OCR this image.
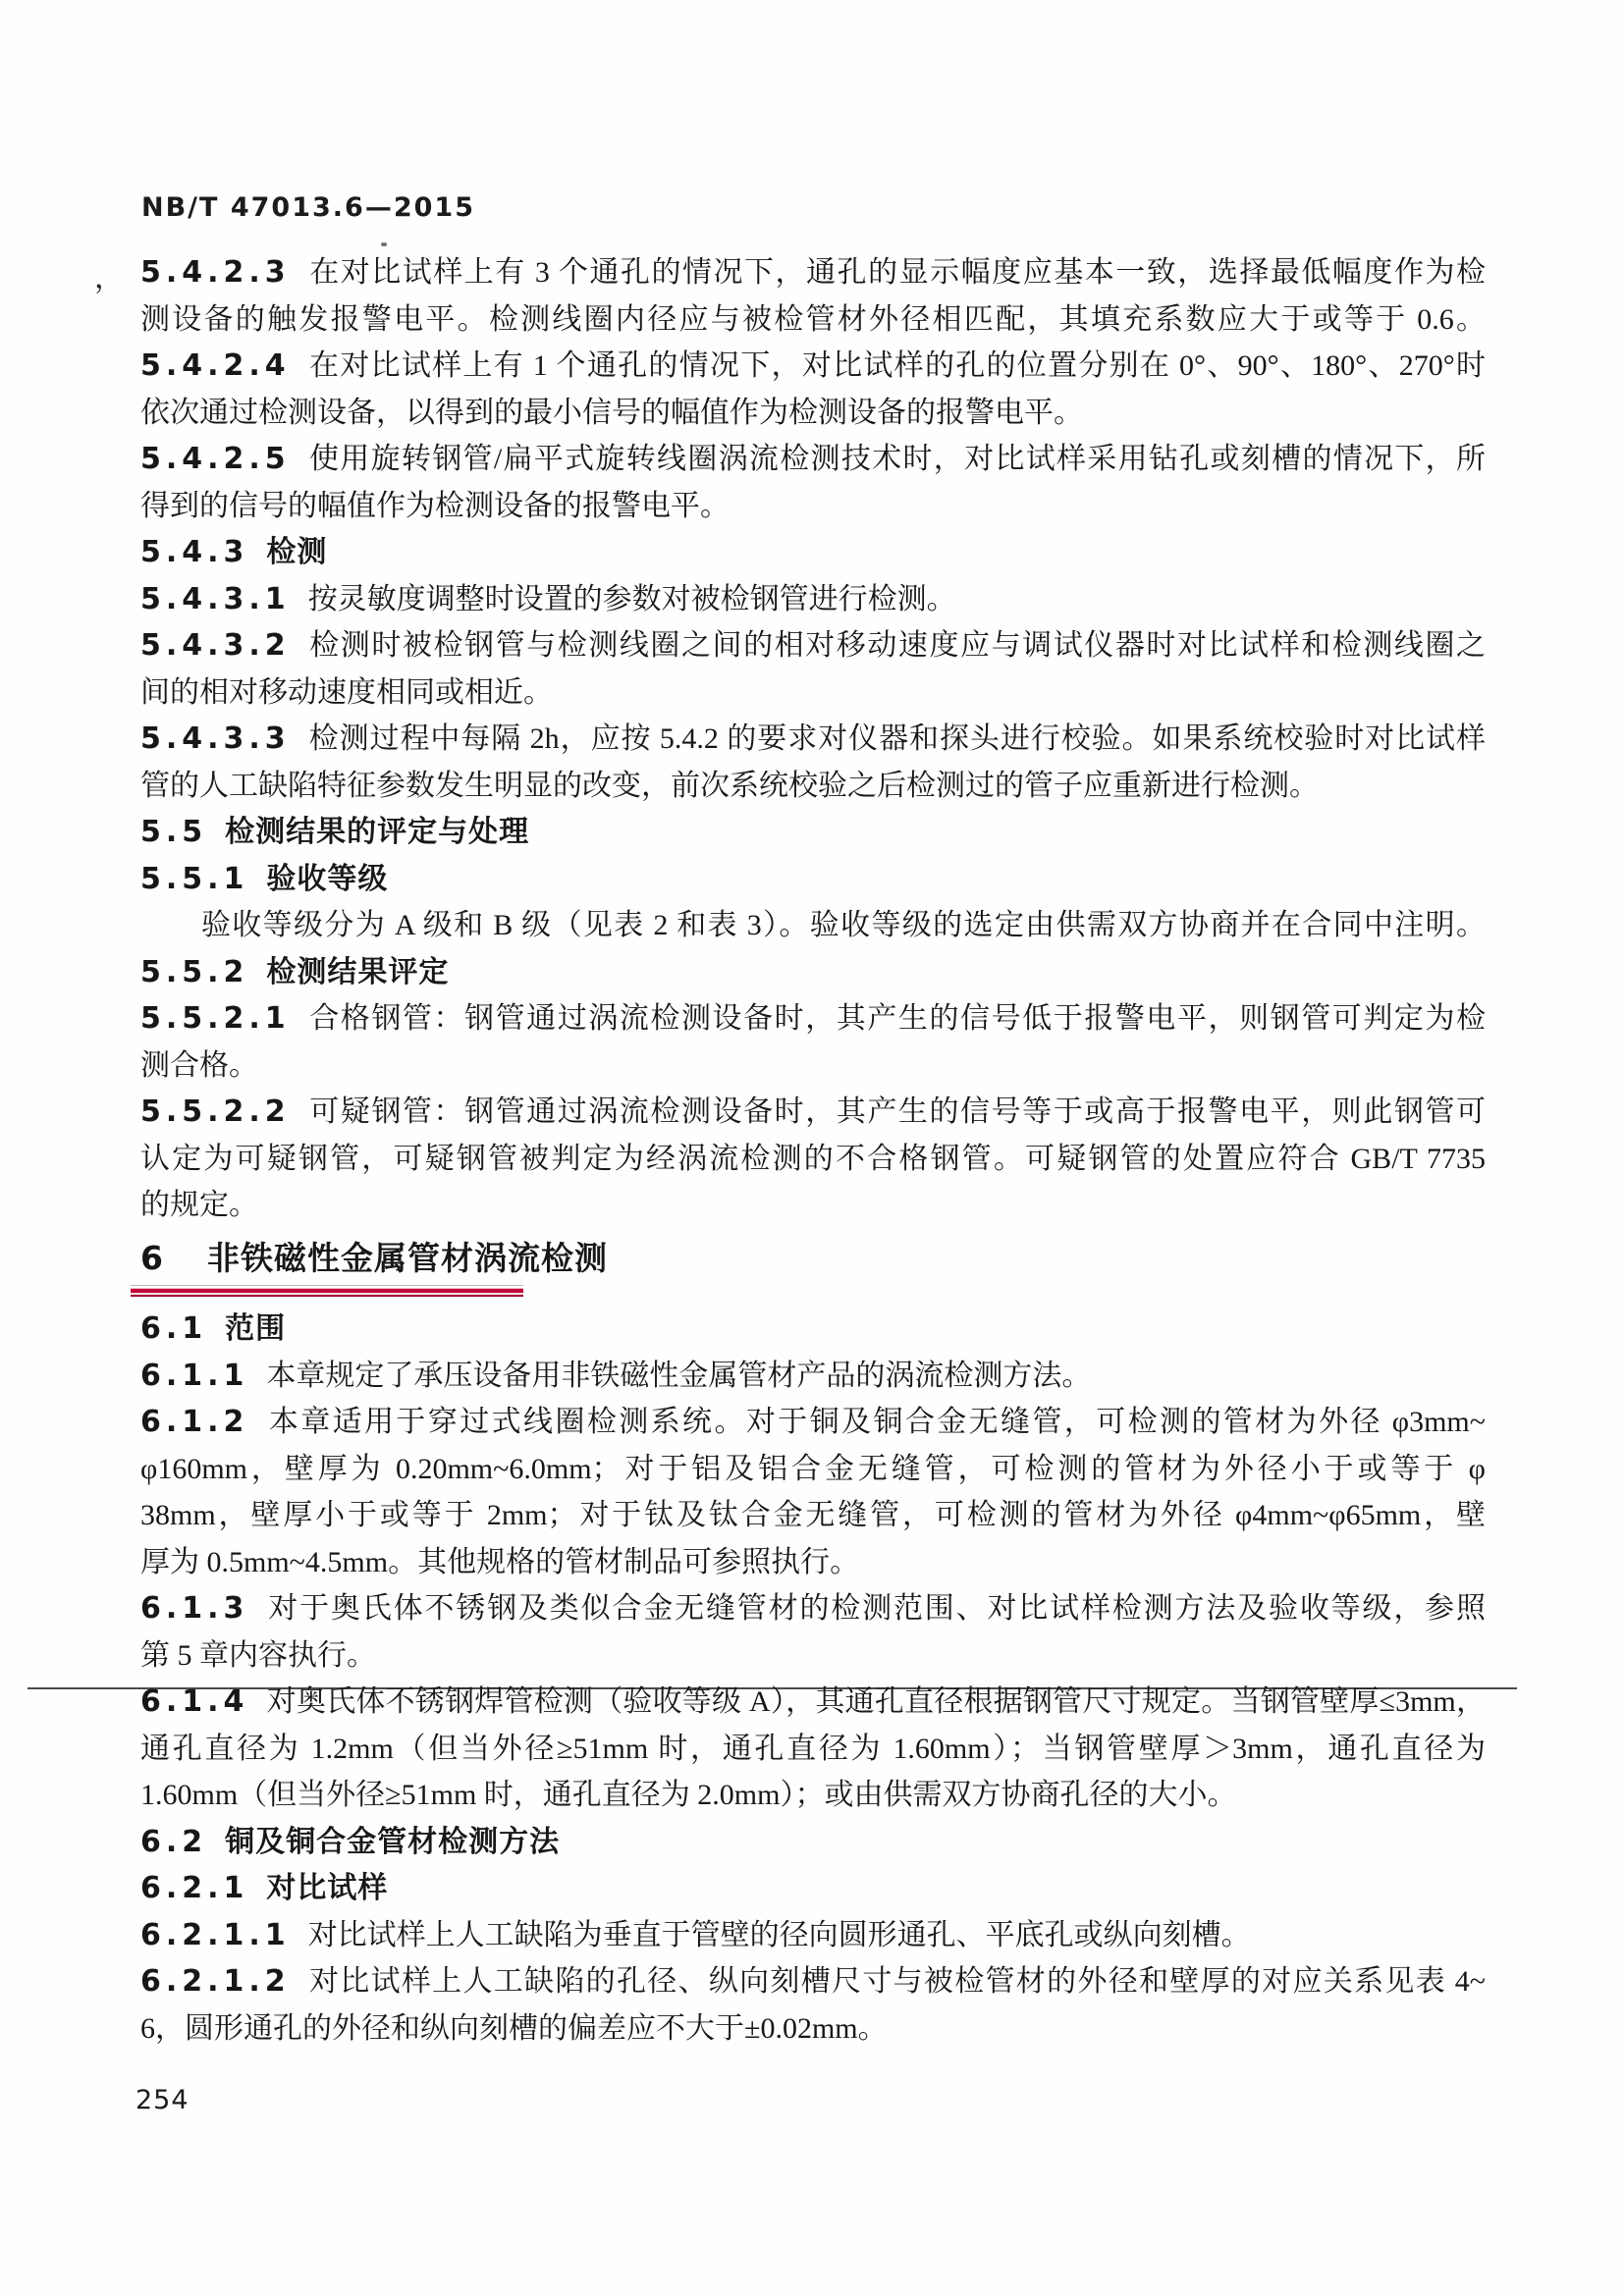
NB/T 47013.6—2015
， 5.4.2.3 在对比试样上有 3 个通孔的情况下，通孔的显示幅度应基本一致，选择最低幅度作为检
测设备的触发报警电平。检测线圈内径应与被检管材外径相匹配，其填充系数应大于或等于 0.6。
5.4.2.4 在对比试样上有 1 个通孔的情况下，对比试样的孔的位置分别在 0°、90°、180°、270°时
依次通过检测设备，以得到的最小信号的幅值作为检测设备的报警电平。
5.4.2.5 使用旋转钢管/扁平式旋转线圈涡流检测技术时，对比试样采用钻孔或刻槽的情况下，所
得到的信号的幅值作为检测设备的报警电平。
5.4.3 检测
5.4.3.1 按灵敏度调整时设置的参数对被检钢管进行检测。
5.4.3.2 检测时被检钢管与检测线圈之间的相对移动速度应与调试仪器时对比试样和检测线圈之
间的相对移动速度相同或相近。
5.4.3.3 检测过程中每隔 2h，应按 5.4.2 的要求对仪器和探头进行校验。如果系统校验时对比试样
管的人工缺陷特征参数发生明显的改变，前次系统校验之后检测过的管子应重新进行检测。
5.5 检测结果的评定与处理
5.5.1 验收等级
验收等级分为 A 级和 B 级（见表 2 和表 3）。验收等级的选定由供需双方协商并在合同中注明。
5.5.2 检测结果评定
5.5.2.1 合格钢管：钢管通过涡流检测设备时，其产生的信号低于报警电平，则钢管可判定为检
测合格。
5.5.2.2 可疑钢管：钢管通过涡流检测设备时，其产生的信号等于或高于报警电平，则此钢管可
认定为可疑钢管，可疑钢管被判定为经涡流检测的不合格钢管。可疑钢管的处置应符合 GB/T 7735
的规定。
6 非铁磁性金属管材涡流检测
6.1 范围
6.1.1 本章规定了承压设备用非铁磁性金属管材产品的涡流检测方法。
6.1.2 本章适用于穿过式线圈检测系统。对于铜及铜合金无缝管，可检测的管材为外径 φ3mm~
φ160mm，壁厚为 0.20mm~6.0mm；对于铝及铝合金无缝管，可检测的管材为外径小于或等于 φ
38mm，壁厚小于或等于 2mm；对于钛及钛合金无缝管，可检测的管材为外径 φ4mm~φ65mm，壁
厚为 0.5mm~4.5mm。其他规格的管材制品可参照执行。
6.1.3 对于奥氏体不锈钢及类似合金无缝管材的检测范围、对比试样检测方法及验收等级，参照
第 5 章内容执行。
6.1.4 对奥氏体不锈钢焊管检测（验收等级 A），其通孔直径根据钢管尺寸规定。当钢管壁厚≤3mm，
通孔直径为 1.2mm（但当外径≥51mm 时，通孔直径为 1.60mm）；当钢管壁厚＞3mm，通孔直径为
1.60mm（但当外径≥51mm 时，通孔直径为 2.0mm）；或由供需双方协商孔径的大小。
6.2 铜及铜合金管材检测方法
6.2.1 对比试样
6.2.1.1 对比试样上人工缺陷为垂直于管壁的径向圆形通孔、平底孔或纵向刻槽。
6.2.1.2 对比试样上人工缺陷的孔径、纵向刻槽尺寸与被检管材的外径和壁厚的对应关系见表 4~
6，圆形通孔的外径和纵向刻槽的偏差应不大于±0.02mm。
254
